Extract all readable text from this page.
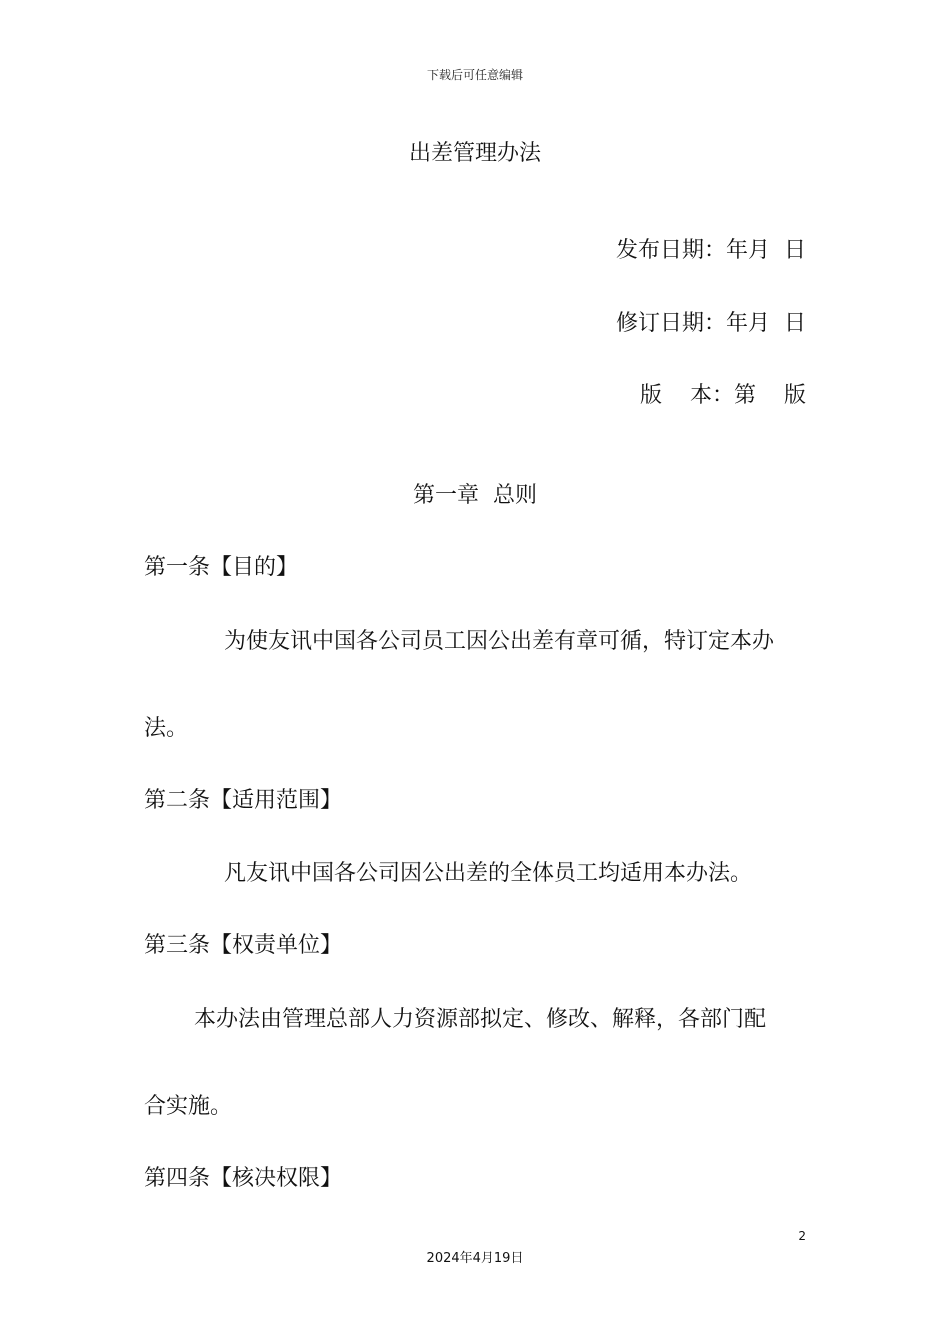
下载后可任意编辑
出差管理办法
发布日期：年月 日
修订日期：年月 日
版 本：第 版
第一章 总则
第一条【目的】
为使友讯中国各公司员工因公出差有章可循，特订定本办
法。
第二条【适用范围】
凡友讯中国各公司因公出差的全体员工均适用本办法。
第三条【权责单位】
本办法由管理总部人力资源部拟定、修改、解释，各部门配
合实施。
第四条【核决权限】
2
2024年4月19日
